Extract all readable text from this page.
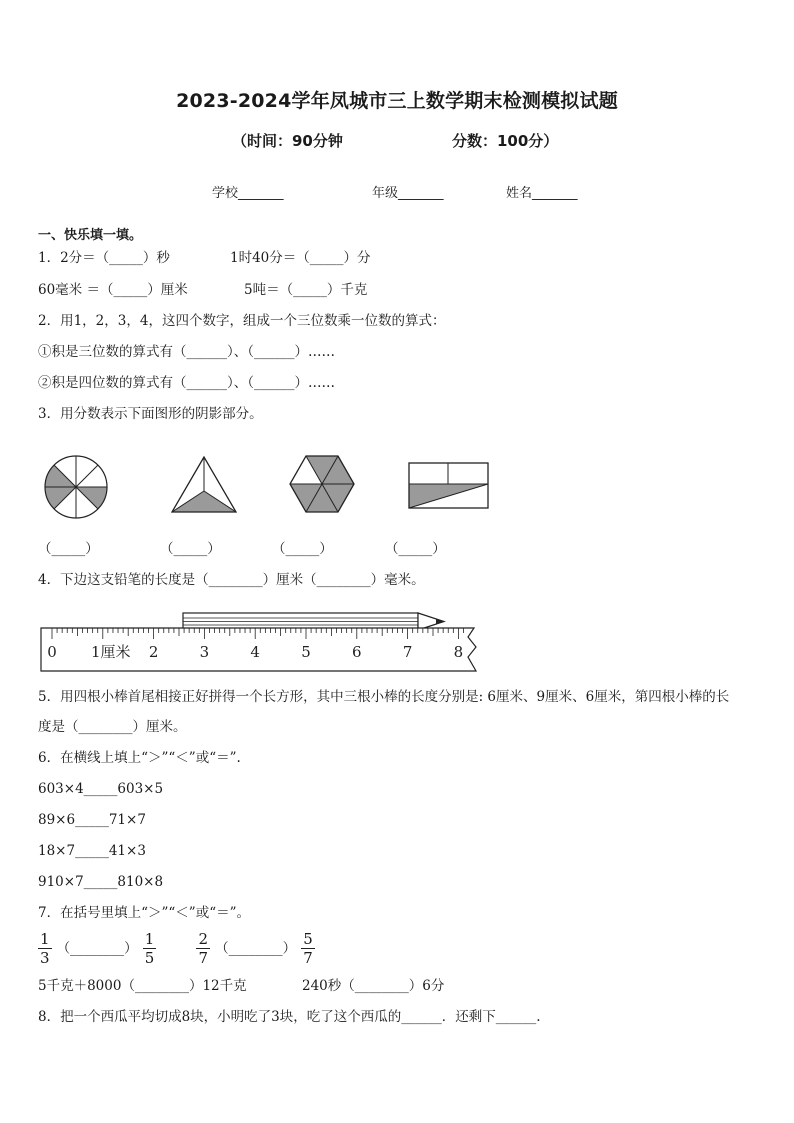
2023-2024学年凤城市三上数学期末检测模拟试题
（时间：90分钟	分数：100分）
学校_______	年级_______	姓名_______
一、快乐填一填。
1．2分＝（_____）秒	1时40分＝（_____）分
60毫米 ＝（_____）厘米	5吨＝（_____）千克
2．用1，2，3，4，这四个数字，组成一个三位数乘一位数的算式：
①积是三位数的算式有（______）、（______）……
②积是四位数的算式有（______）、（______）……
3．用分数表示下面图形的阴影部分。
（_____）	（_____）	（_____）	（_____）
4．下边这支铅笔的长度是（________）厘米（________）毫米。
0 1厘米 2	3	4	5	6	7	8
5．用四根小棒首尾相接正好拼得一个长方形，其中三根小棒的长度分别是: 6厘米、9厘米、6厘米，第四根小棒的长
度是（________）厘米。
6．在横线上填上“＞”“＜”或“＝”.
603×4_____603×5
89×6_____71×7
18×7_____41×3
910×7_____810×8
7．在括号里填上“＞”“＜”或“＝”。
$\frac{1}{3}$ （________） $\frac{1}{5}$
	$\frac{2}{7}$ （________） $\frac{5}{7}$
5千克＋8000（________）12千克	240秒（________）6分
8．把一个西瓜平均切成8块，小明吃了3块，吃了这个西瓜的______．还剩下______.
